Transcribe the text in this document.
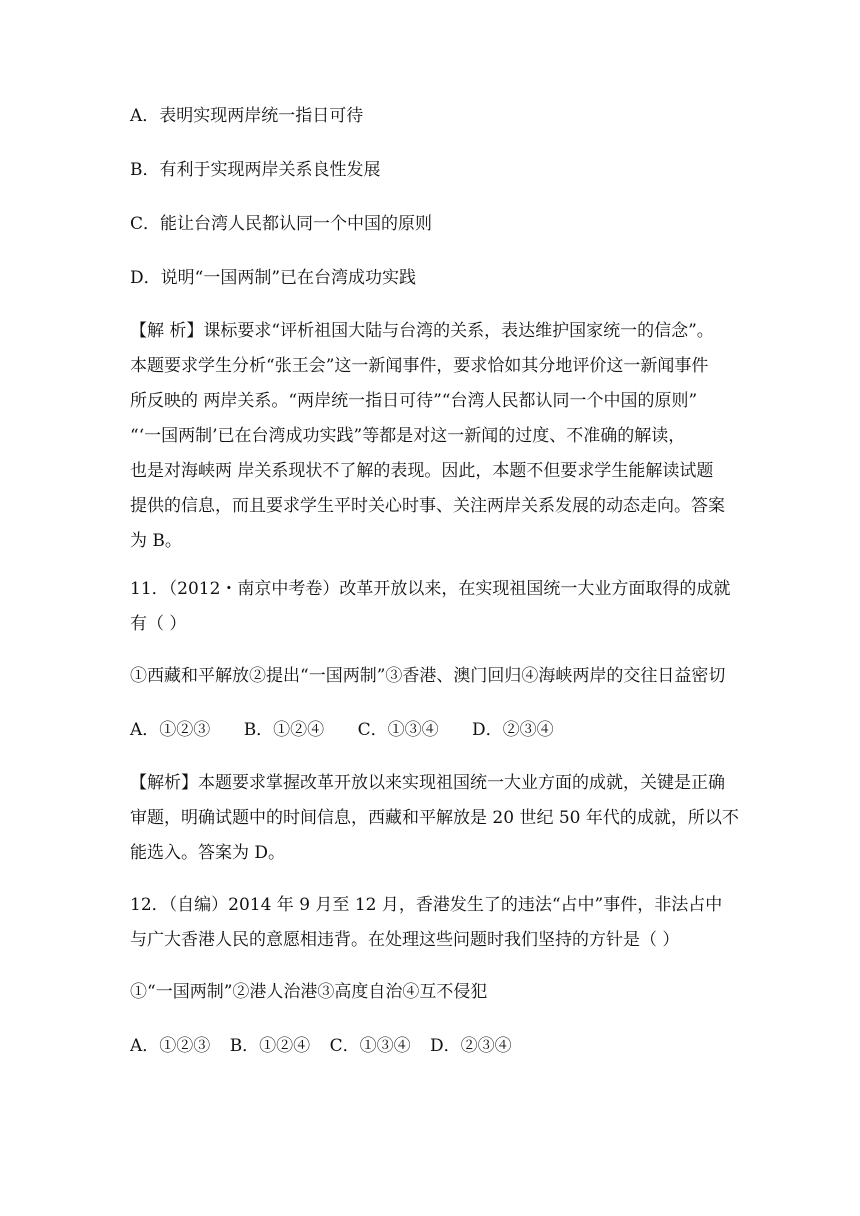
A．表明实现两岸统一指日可待
B．有利于实现两岸关系良性发展
C．能让台湾人民都认同一个中国的原则
D．说明“一国两制”已在台湾成功实践
【解 析】课标要求“评析祖国大陆与台湾的关系，表达维护国家统一的信念”。
本题要求学生分析“张王会”这一新闻事件，要求恰如其分地评价这一新闻事件
所反映的 两岸关系。“两岸统一指日可待”“台湾人民都认同一个中国的原则”
“‘一国两制’已在台湾成功实践”等都是对这一新闻的过度、不准确的解读，
也是对海峡两 岸关系现状不了解的表现。因此，本题不但要求学生能解读试题
提供的信息，而且要求学生平时关心时事、关注两岸关系发展的动态走向。答案
为 B。
11．（2012・南京中考卷）改革开放以来，在实现祖国统一大业方面取得的成就
有（ ）
①西藏和平解放②提出“一国两制”③香港、澳门回归④海峡两岸的交往日益密切
A．①②③ B．①②④ C．①③④ D．②③④
【解析】本题要求掌握改革开放以来实现祖国统一大业方面的成就，关键是正确
审题，明确试题中的时间信息，西藏和平解放是 20 世纪 50 年代的成就，所以不
能选入。答案为 D。
12．（自编）2014 年 9 月至 12 月，香港发生了的违法“占中”事件，非法占中
与广大香港人民的意愿相违背。在处理这些问题时我们坚持的方针是（ ）
①“一国两制”②港人治港③高度自治④互不侵犯
A．①②③ B．①②④ C．①③④ D．②③④
